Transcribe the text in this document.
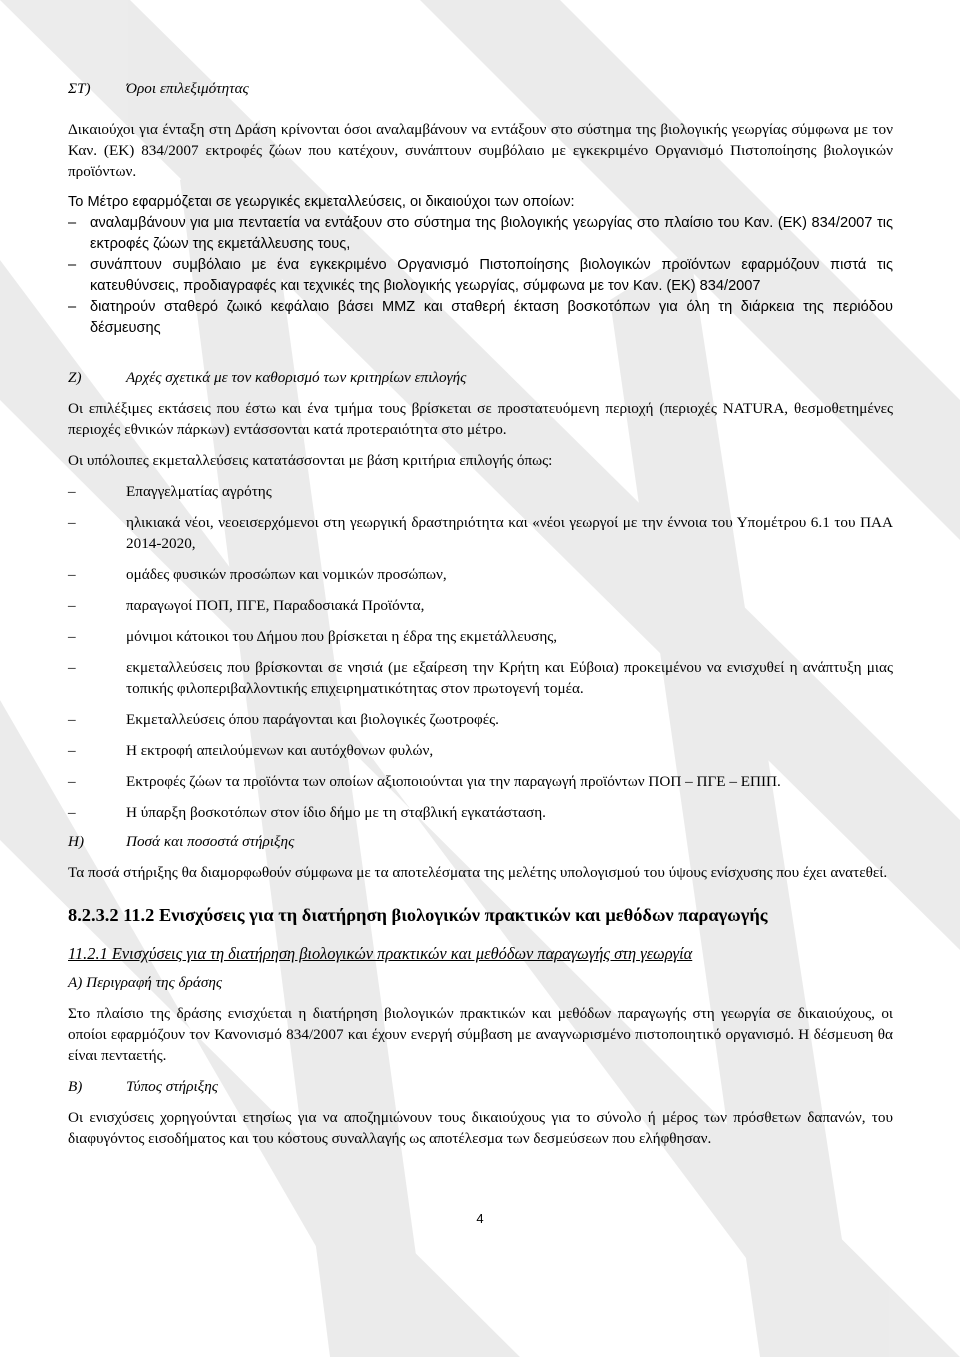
ΣΤ)	Όροι επιλεξιμότητας

Δικαιούχοι για ένταξη στη Δράση κρίνονται όσοι αναλαμβάνουν να εντάξουν στο σύστημα της βιολογικής γεωργίας σύμφωνα με τον Καν. (ΕΚ) 834/2007 εκτροφές ζώων που κατέχουν, συνάπτουν συμβόλαιο με εγκεκριμένο Οργανισμό Πιστοποίησης βιολογικών προϊόντων.

Το Μέτρο εφαρμόζεται σε γεωργικές εκμεταλλεύσεις, οι δικαιούχοι των οποίων:

– αναλαμβάνουν για μια πενταετία να εντάξουν στο σύστημα της βιολογικής γεωργίας στο πλαίσιο του Καν. (ΕΚ) 834/2007 τις εκτροφές ζώων της εκμετάλλευσης τους,
– συνάπτουν συμβόλαιο με ένα εγκεκριμένο Οργανισμό Πιστοποίησης βιολογικών προϊόντων εφαρμόζουν πιστά τις κατευθύνσεις, προδιαγραφές και τεχνικές της βιολογικής γεωργίας, σύμφωνα με τον Καν. (ΕΚ) 834/2007
– διατηρούν σταθερό ζωικό κεφάλαιο βάσει ΜΜΖ και σταθερή έκταση βοσκοτόπων για όλη τη διάρκεια της περιόδου δέσμευσης
Ζ)	Αρχές σχετικά με τον καθορισμό των κριτηρίων επιλογής

Οι επιλέξιμες εκτάσεις που έστω και ένα τμήμα τους βρίσκεται σε προστατευόμενη περιοχή (περιοχές NATURA, θεσμοθετημένες περιοχές εθνικών πάρκων) εντάσσονται κατά προτεραιότητα στο μέτρο.

Οι υπόλοιπες εκμεταλλεύσεις κατατάσσονται με βάση κριτήρια επιλογής όπως:

–	Επαγγελματίας αγρότης
–	ηλικιακά νέοι, νεοεισερχόμενοι στη γεωργική δραστηριότητα και «νέοι γεωργοί με την έννοια του Υπομέτρου 6.1 του ΠΑΑ 2014-2020,
–	ομάδες φυσικών προσώπων και νομικών προσώπων,
–	παραγωγοί ΠΟΠ, ΠΓΕ, Παραδοσιακά Προϊόντα,
–	μόνιμοι κάτοικοι του Δήμου που βρίσκεται η έδρα της εκμετάλλευσης,
–	εκμεταλλεύσεις που βρίσκονται σε νησιά (με εξαίρεση την Κρήτη και Εύβοια) προκειμένου να ενισχυθεί η ανάπτυξη μιας τοπικής φιλοπεριβαλλοντικής επιχειρηματικότητας στον πρωτογενή τομέα.
–	Εκμεταλλεύσεις όπου παράγονται και βιολογικές ζωοτροφές.
–	Η εκτροφή απειλούμενων και αυτόχθονων φυλών,
–	Εκτροφές ζώων τα προϊόντα των οποίων αξιοποιούνται για την παραγωγή προϊόντων ΠΟΠ – ΠΓΕ – ΕΠΙΠ.
–	Η ύπαρξη βοσκοτόπων στον ίδιο δήμο με τη σταβλική εγκατάσταση.
Η)	Ποσά και ποσοστά στήριξης

Τα ποσά στήριξης θα διαμορφωθούν σύμφωνα με τα αποτελέσματα της μελέτης υπολογισμού του ύψους ενίσχυσης που έχει ανατεθεί.

8.2.3.2 11.2 Ενισχύσεις για τη διατήρηση βιολογικών πρακτικών και μεθόδων παραγωγής

11.2.1 Ενισχύσεις για τη διατήρηση βιολογικών πρακτικών και μεθόδων παραγωγής στη γεωργία

Α) Περιγραφή της δράσης

Στο πλαίσιο της δράσης ενισχύεται η διατήρηση βιολογικών πρακτικών και μεθόδων παραγωγής στη γεωργία σε δικαιούχους, οι οποίοι εφαρμόζουν τον Κανονισμό 834/2007 και έχουν ενεργή σύμβαση με αναγνωρισμένο πιστοποιητικό οργανισμό. Η δέσμευση θα είναι πενταετής.

Β)	Τύπος στήριξης

Οι ενισχύσεις χορηγούνται ετησίως για να αποζημιώνουν τους δικαιούχους για το σύνολο ή μέρος των πρόσθετων δαπανών, του διαφυγόντος εισοδήματος και του κόστους συναλλαγής ως αποτέλεσμα των δεσμεύσεων που ελήφθησαν.

4
